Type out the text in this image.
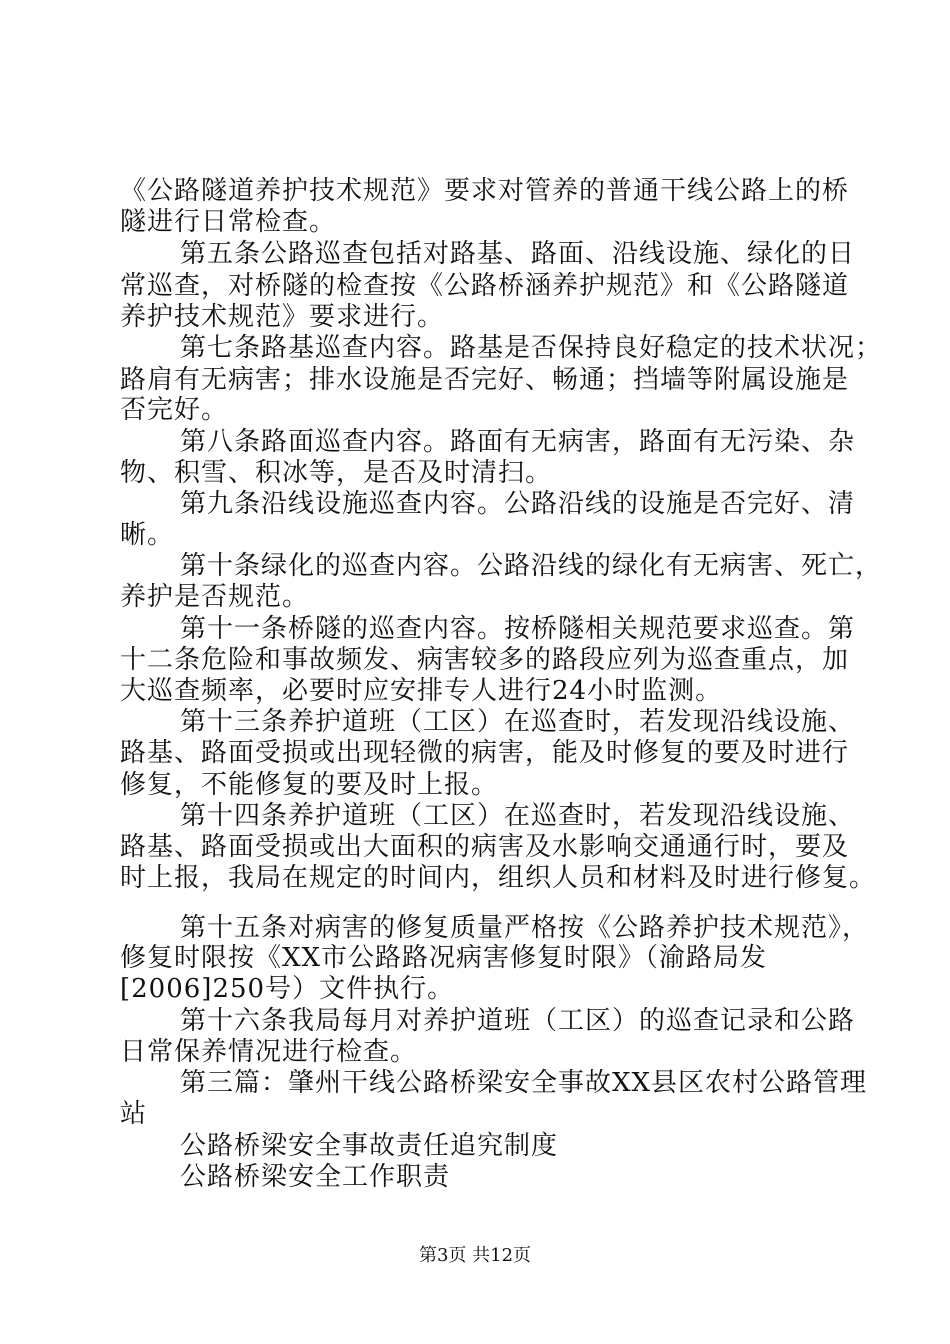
《公路隧道养护技术规范》要求对管养的普通干线公路上的桥
隧进行日常检查。
第五条公路巡查包括对路基、路面、沿线设施、绿化的日
常巡查，对桥隧的检查按《公路桥涵养护规范》和《公路隧道
养护技术规范》要求进行。
第七条路基巡查内容。路基是否保持良好稳定的技术状况；
路肩有无病害；排水设施是否完好、畅通；挡墙等附属设施是
否完好。
第八条路面巡查内容。路面有无病害，路面有无污染、杂
物、积雪、积冰等，是否及时清扫。
第九条沿线设施巡查内容。公路沿线的设施是否完好、清
晰。
第十条绿化的巡查内容。公路沿线的绿化有无病害、死亡，
养护是否规范。
第十一条桥隧的巡查内容。按桥隧相关规范要求巡查。第
十二条危险和事故频发、病害较多的路段应列为巡查重点，加
大巡查频率，必要时应安排专人进行24小时监测。
第十三条养护道班（工区）在巡查时，若发现沿线设施、
路基、路面受损或出现轻微的病害，能及时修复的要及时进行
修复，不能修复的要及时上报。
第十四条养护道班（工区）在巡查时，若发现沿线设施、
路基、路面受损或出大面积的病害及水影响交通通行时，要及
时上报，我局在规定的时间内，组织人员和材料及时进行修复。
第十五条对病害的修复质量严格按《公路养护技术规范》，
修复时限按《XX市公路路况病害修复时限》（渝路局发
[2006]250号）文件执行。
第十六条我局每月对养护道班（工区）的巡查记录和公路
日常保养情况进行检查。
第三篇：肇州干线公路桥梁安全事故XX县区农村公路管理
站
公路桥梁安全事故责任追究制度
公路桥梁安全工作职责
第3页 共12页
